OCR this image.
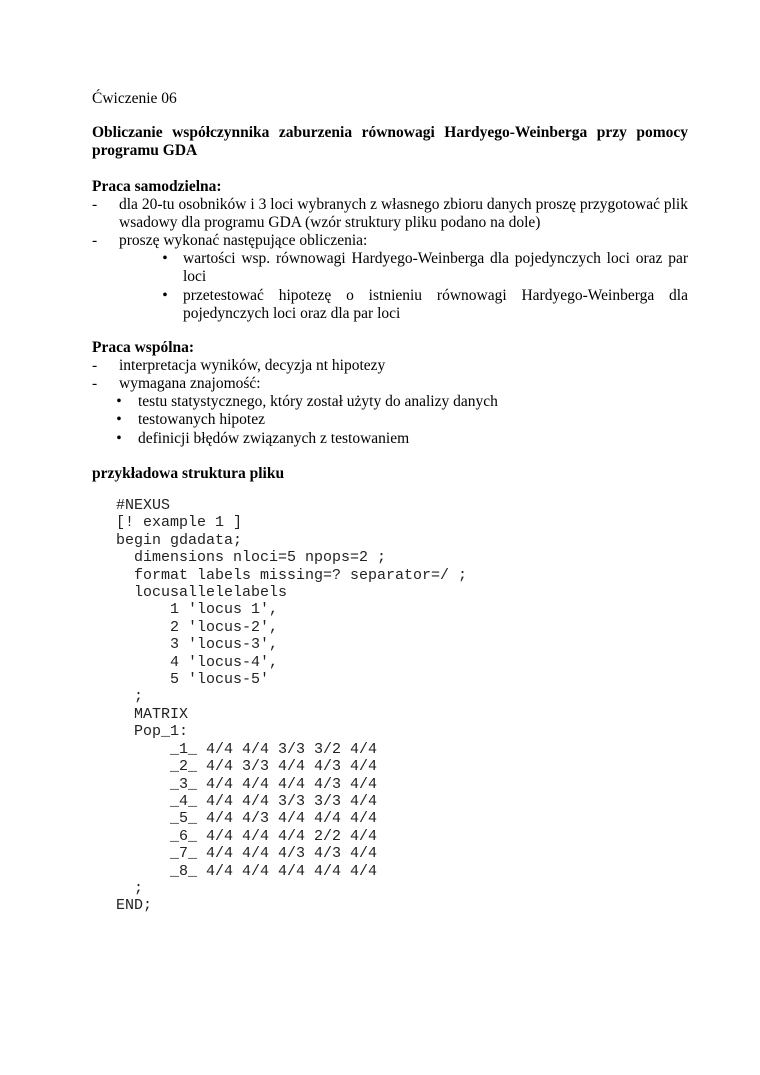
Ćwiczenie 06
Obliczanie współczynnika zaburzenia równowagi Hardyego-Weinberga przy pomocy
programu GDA
Praca samodzielna:
-	dla 20-tu osobników i 3 loci wybranych z własnego zbioru danych proszę przygotować plik
wsadowy dla programu GDA (wzór struktury pliku podano na dole)
-	proszę wykonać następujące obliczenia:
• wartości wsp. równowagi Hardyego-Weinberga dla pojedynczych loci oraz par
loci
• przetestować hipotezę o istnieniu równowagi Hardyego-Weinberga dla
pojedynczych loci oraz dla par loci
Praca wspólna:
-	interpretacja wyników, decyzja nt hipotezy
-	wymagana znajomość:
• testu statystycznego, który został użyty do analizy danych
• testowanych hipotez
• definicji błędów związanych z testowaniem
przykładowa struktura pliku
#NEXUS
[! example 1 ]
begin gdadata;
dimensions nloci=5 npops=2 ;
format labels missing=? separator=/ ;
locusallelelabels
1 'locus 1',
2 'locus-2',
3 'locus-3',
4 'locus-4',
5 'locus-5'
;
MATRIX
Pop_1:
_1_ 4/4 4/4 3/3 3/2 4/4
_2_ 4/4 3/3 4/4 4/3 4/4
_3_ 4/4 4/4 4/4 4/3 4/4
_4_ 4/4 4/4 3/3 3/3 4/4
_5_ 4/4 4/3 4/4 4/4 4/4
_6_ 4/4 4/4 4/4 2/2 4/4
_7_ 4/4 4/4 4/3 4/3 4/4
_8_ 4/4 4/4 4/4 4/4 4/4
;
END;
